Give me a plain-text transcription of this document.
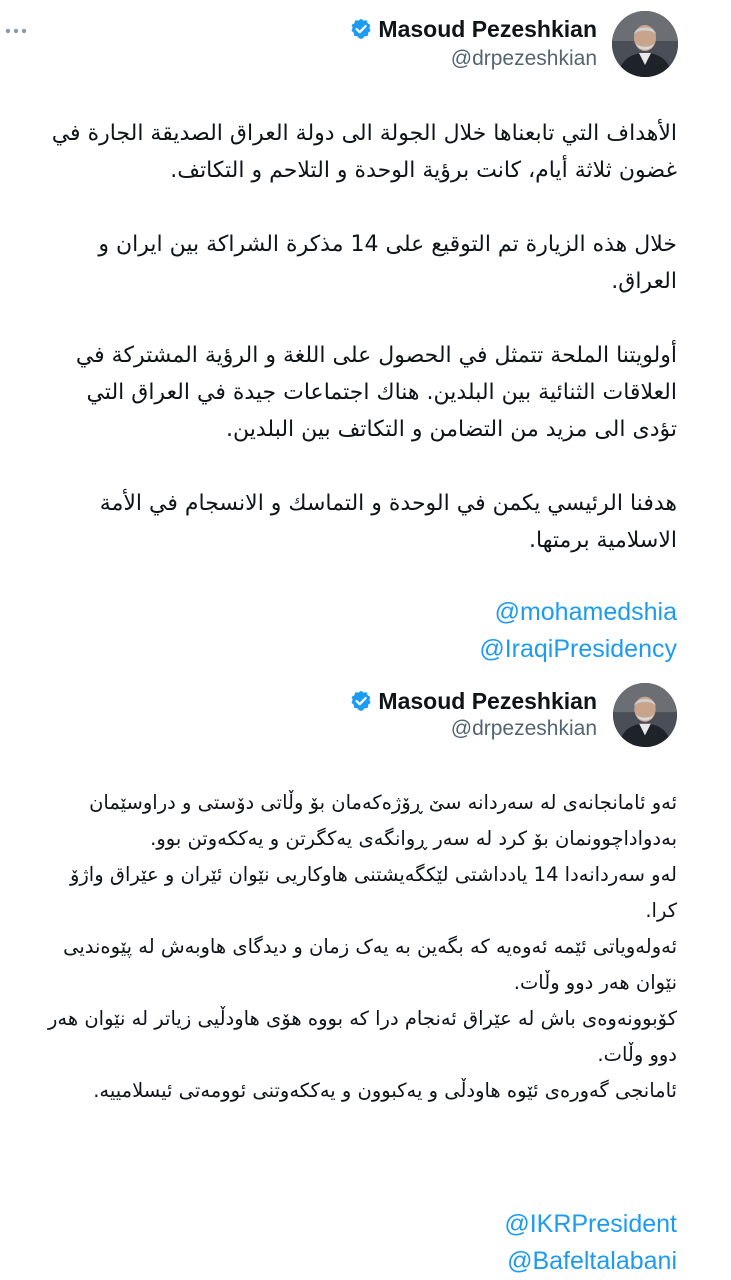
Masoud Pezeshkian
@drpezeshkian

الأهداف التي تابعناها خلال الجولة الى دولة العراق الصديقة الجارة في غضون ثلاثة أيام، كانت برؤية الوحدة و التلاحم و التكاتف.

خلال هذه الزيارة تم التوقيع على 14 مذكرة الشراكة بين ايران و العراق.

أولويتنا الملحة تتمثل في الحصول على اللغة و الرؤية المشتركة في العلاقات الثنائية بين البلدين. هناك اجتماعات جيدة في العراق التي تؤدى الى مزيد من التضامن و التكاتف بين البلدين.

هدفنا الرئيسي يكمن في الوحدة و التماسك و الانسجام في الأمة الاسلامية برمتها.

@mohamedshia
@IraqiPresidency
Masoud Pezeshkian
@drpezeshkian

ئەو ئامانجانەی لە سەردانە سێ ڕۆژەکەمان بۆ وڵاتی دۆستی و دراوسێمان بەدواداچوونمان بۆ کرد لە سەر ڕوانگەی یەکگرتن و یەککەوتن بوو.

لەو سەردانەدا 14 یادداشتی لێکگەیشتنی هاوکاریی نێوان ئێران و عێراق واژۆ کرا.

ئەولەوياتی ئێمە ئەوەیە کە بگەین بە یەک زمان و دیدگای هاوبەش لە پێوەندیی نێوان هەر دوو وڵات.

کۆبوونەوەی باش لە عێراق ئەنجام درا کە بووە هۆی هاودڵیی زیاتر لە نێوان هەر دوو وڵات.

ئامانجی گەورەی ئێوە هاودڵی و یەکبوون و یەککەوتنی ئوومەتی ئیسلامییە.

@IKRPresident
@Bafeltalabani
